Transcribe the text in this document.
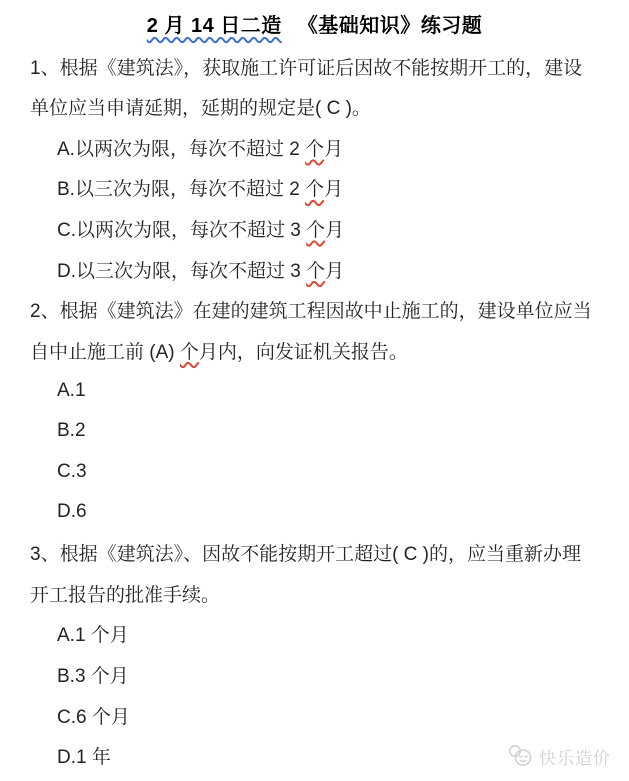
2 月 14 日二造 《基础知识》练习题
1、根据《建筑法》，获取施工许可证后因故不能按期开工的，建设
单位应当申请延期，延期的规定是( C )。
A.以两次为限，每次不超过 2 个 月
B.以三次为限，每次不超过 2 个 月
C.以两次为限，每次不超过 3 个 月
D.以三次为限，每次不超过 3 个 月
2、根据《建筑法》在建的建筑工程因故中止施工的，建设单位应当
自中止施工前 (A) 个 月内，向发证机关报告。
A.1
B.2
C.3
D.6
3、根据《建筑法》、因故不能按期开工超过( C )的，应当重新办理
开工报告的批准手续。
A.1 个月
B.3 个月
C.6 个月
D.1 年	快乐造价
